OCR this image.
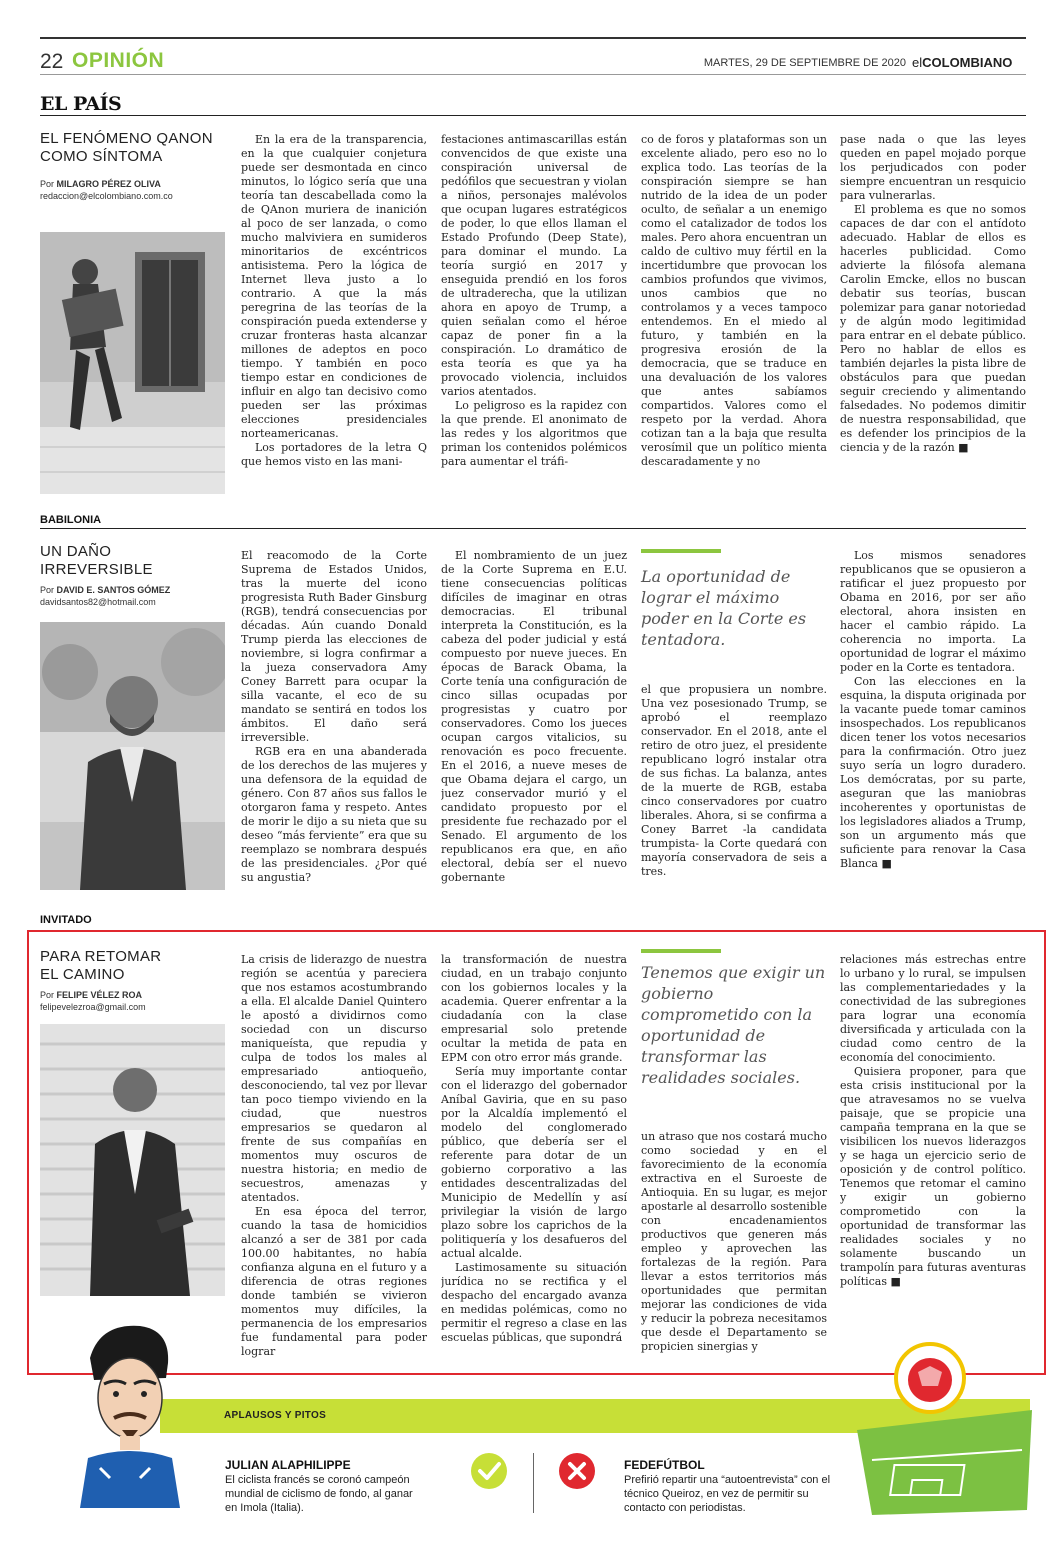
22 OPINIÓN	MARTES, 29 DE SEPTIEMBRE DE 2020 elCOLOMBIANO
EL PAÍS
EL FENÓMENO QANON COMO SÍNTOMA
Por MILAGRO PÉREZ OLIVA
redaccion@elcolombiano.com.co

En la era de la transparencia, en la que cualquier conjetura puede ser desmontada en cinco minutos, lo lógico sería que una teoría tan descabellada como la de QAnon muriera de inanición al poco de ser lanzada, o como mucho malviviera en sumideros minoritarios de excéntricos antisistema. Pero la lógica de Internet lleva justo a lo contrario. A que la más peregrina de las teorías de la conspiración pueda extenderse y cruzar fronteras hasta alcanzar millones de adeptos en poco tiempo. Y también en poco tiempo estar en condiciones de influir en algo tan decisivo como pueden ser las próximas elecciones presidenciales norteamericanas.

Los portadores de la letra Q que hemos visto en las mani-

festaciones antimascarillas están convencidos de que existe una conspiración universal de pedófilos que secuestran y violan a niños, personajes malévolos que ocupan lugares estratégicos de poder, lo que ellos llaman el Estado Profundo (Deep State), para dominar el mundo. La teoría surgió en 2017 y enseguida prendió en los foros de ultraderecha, que la utilizan ahora en apoyo de Trump, a quien señalan como el héroe capaz de poner fin a la conspiración. Lo dramático de esta teoría es que ya ha provocado violencia, incluidos varios atentados.

Lo peligroso es la rapidez con la que prende. El anonimato de las redes y los algoritmos que priman los contenidos polémicos para aumentar el tráfi-

co de foros y plataformas son un excelente aliado, pero eso no lo explica todo. Las teorías de la conspiración siempre se han nutrido de la idea de un poder oculto, de señalar a un enemigo como el catalizador de todos los males. Pero ahora encuentran un caldo de cultivo muy fértil en la incertidumbre que provocan los cambios profundos que vivimos, unos cambios que no controlamos y a veces tampoco entendemos. En el miedo al futuro, y también en la progresiva erosión de la democracia, que se traduce en una devaluación de los valores que antes sabíamos compartidos. Valores como el respeto por la verdad. Ahora cotizan tan a la baja que resulta verosímil que un político mienta descaradamente y no

pase nada o que las leyes queden en papel mojado porque los perjudicados con poder siempre encuentran un resquicio para vulnerarlas.

El problema es que no somos capaces de dar con el antídoto adecuado. Hablar de ellos es hacerles publicidad. Como advierte la filósofa alemana Carolin Emcke, ellos no buscan debatir sus teorías, buscan polemizar para ganar notoriedad y de algún modo legitimidad para entrar en el debate público. Pero no hablar de ellos es también dejarles la pista libre de obstáculos para que puedan seguir creciendo y alimentando falsedades. No podemos dimitir de nuestra responsabilidad, que es defender los principios de la ciencia y de la razón ■

BABILONIA
UN DAÑO IRREVERSIBLE
Por DAVID E. SANTOS GÓMEZ
davidsantos82@hotmail.com

El reacomodo de la Corte Suprema de Estados Unidos, tras la muerte del icono progresista Ruth Bader Ginsburg (RGB), tendrá consecuencias por décadas. Aún cuando Donald Trump pierda las elecciones de noviembre, si logra confirmar a la jueza conservadora Amy Coney Barrett para ocupar la silla vacante, el eco de su mandato se sentirá en todos los ámbitos. El daño será irreversible.

RGB era en una abanderada de los derechos de las mujeres y una defensora de la equidad de género. Con 87 años sus fallos le otorgaron fama y respeto. Antes de morir le dijo a su nieta que su deseo “más ferviente” era que su reemplazo se nombrara después de las presidenciales. ¿Por qué su angustia?

El nombramiento de un juez de la Corte Suprema en E.U. tiene consecuencias políticas difíciles de imaginar en otras democracias. El tribunal interpreta la Constitución, es la cabeza del poder judicial y está compuesto por nueve jueces. En épocas de Barack Obama, la Corte tenía una configuración de cinco sillas ocupadas por progresistas y cuatro por conservadores. Como los jueces ocupan cargos vitalicios, su renovación es poco frecuente. En el 2016, a nueve meses de que Obama dejara el cargo, un juez conservador murió y el candidato propuesto por el presidente fue rechazado por el Senado. El argumento de los republicanos era que, en año electoral, debía ser el nuevo gobernante

La oportunidad de lograr el máximo poder en la Corte es tentadora.

el que propusiera un nombre. Una vez posesionado Trump, se aprobó el reemplazo conservador. En el 2018, ante el retiro de otro juez, el presidente republicano logró instalar otra de sus fichas. La balanza, antes de la muerte de RGB, estaba cinco conservadores por cuatro liberales. Ahora, si se confirma a Coney Barret -la candidata trumpista- la Corte quedará con mayoría conservadora de seis a tres.

Los mismos senadores republicanos que se opusieron a ratificar el juez propuesto por Obama en 2016, por ser año electoral, ahora insisten en hacer el cambio rápido. La coherencia no importa. La oportunidad de lograr el máximo poder en la Corte es tentadora.

Con las elecciones en la esquina, la disputa originada por la vacante puede tomar caminos insospechados. Los republicanos dicen tener los votos necesarios para la confirmación. Otro juez suyo sería un logro duradero. Los demócratas, por su parte, aseguran que las maniobras incoherentes y oportunistas de los legisladores aliados a Trump, son un argumento más que suficiente para renovar la Casa Blanca ■

INVITADO
PARA RETOMAR EL CAMINO
Por FELIPE VÉLEZ ROA
felipevelezroa@gmail.com

La crisis de liderazgo de nuestra región se acentúa y pareciera que nos estamos acostumbrando a ella. El alcalde Daniel Quintero le apostó a dividirnos como sociedad con un discurso maniqueísta, que repudia y culpa de todos los males al empresariado antioqueño, desconociendo, tal vez por llevar tan poco tiempo viviendo en la ciudad, que nuestros empresarios se quedaron al frente de sus compañías en momentos muy oscuros de nuestra historia; en medio de secuestros, amenazas y atentados.

En esa época del terror, cuando la tasa de homicidios alcanzó a ser de 381 por cada 100.00 habitantes, no había confianza alguna en el futuro y a diferencia de otras regiones donde también se vivieron momentos muy difíciles, la permanencia de los empresarios fue fundamental para poder lograr

la transformación de nuestra ciudad, en un trabajo conjunto con los gobiernos locales y la academia. Querer enfrentar a la ciudadanía con la clase empresarial solo pretende ocultar la metida de pata en EPM con otro error más grande.

Sería muy importante contar con el liderazgo del gobernador Aníbal Gaviria, que en su paso por la Alcaldía implementó el modelo del conglomerado público, que debería ser el referente para dotar de un gobierno corporativo a las entidades descentralizadas del Municipio de Medellín y así privilegiar la visión de largo plazo sobre los caprichos de la politiquería y los desafueros del actual alcalde.

Lastimosamente su situación jurídica no se rectifica y el despacho del encargado avanza en medidas polémicas, como no permitir el regreso a clase en las escuelas públicas, que supondrá

Tenemos que exigir un gobierno comprometido con la oportunidad de transformar las realidades sociales.

un atraso que nos costará mucho como sociedad y en el favorecimiento de la economía extractiva en el Suroeste de Antioquia. En su lugar, es mejor apostarle al desarrollo sostenible con encadenamientos productivos que generen más empleo y aprovechen las fortalezas de la región. Para llevar a estos territorios más oportunidades que permitan mejorar las condiciones de vida y reducir la pobreza necesitamos que desde el Departamento se propicien sinergias y

relaciones más estrechas entre lo urbano y lo rural, se impulsen las complementariedades y la conectividad de las subregiones para lograr una economía diversificada y articulada con la ciudad como centro de la economía del conocimiento.

Quisiera proponer, para que esta crisis institucional por la que atravesamos no se vuelva paisaje, que se propicie una campaña temprana en la que se visibilicen los nuevos liderazgos y se haga un ejercicio serio de oposición y de control político. Tenemos que retomar el camino y exigir un gobierno comprometido con la oportunidad de transformar las realidades sociales y no solamente buscando un trampolín para futuras aventuras políticas ■

APLAUSOS Y PITOS
JULIAN ALAPHILIPPE
El ciclista francés se coronó campeón mundial de ciclismo de fondo, al ganar en Imola (Italia).
FEDEFÚTBOL
Prefirió repartir una “autoentrevista” con el técnico Queiroz, en vez de permitir su contacto con periodistas.
